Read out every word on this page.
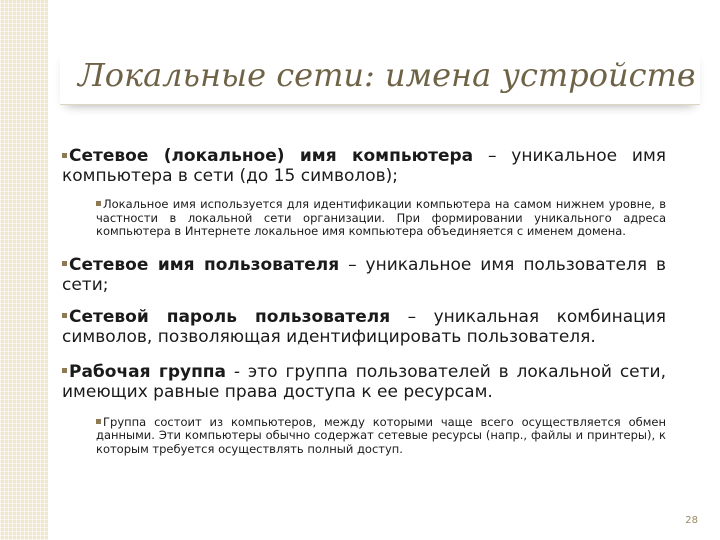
Локальные сети: имена устройств

Сетевое (локальное) имя компьютера – уникальное имя компьютера в сети (до 15 символов);

Локальное имя используется для идентификации компьютера на самом нижнем уровне, в частности в локальной сети организации. При формировании уникального адреса компьютера в Интернете локальное имя компьютера объединяется с именем домена.

Сетевое имя пользователя – уникальное имя пользователя в сети;

Сетевой пароль пользователя – уникальная комбинация символов, позволяющая идентифицировать пользователя.

Рабочая группа - это группа пользователей в локальной сети, имеющих равные права доступа к ее ресурсам.

Группа состоит из компьютеров, между которыми чаще всего осуществляется обмен данными. Эти компьютеры обычно содержат сетевые ресурсы (напр., файлы и принтеры), к которым требуется осуществлять полный доступ.

28
